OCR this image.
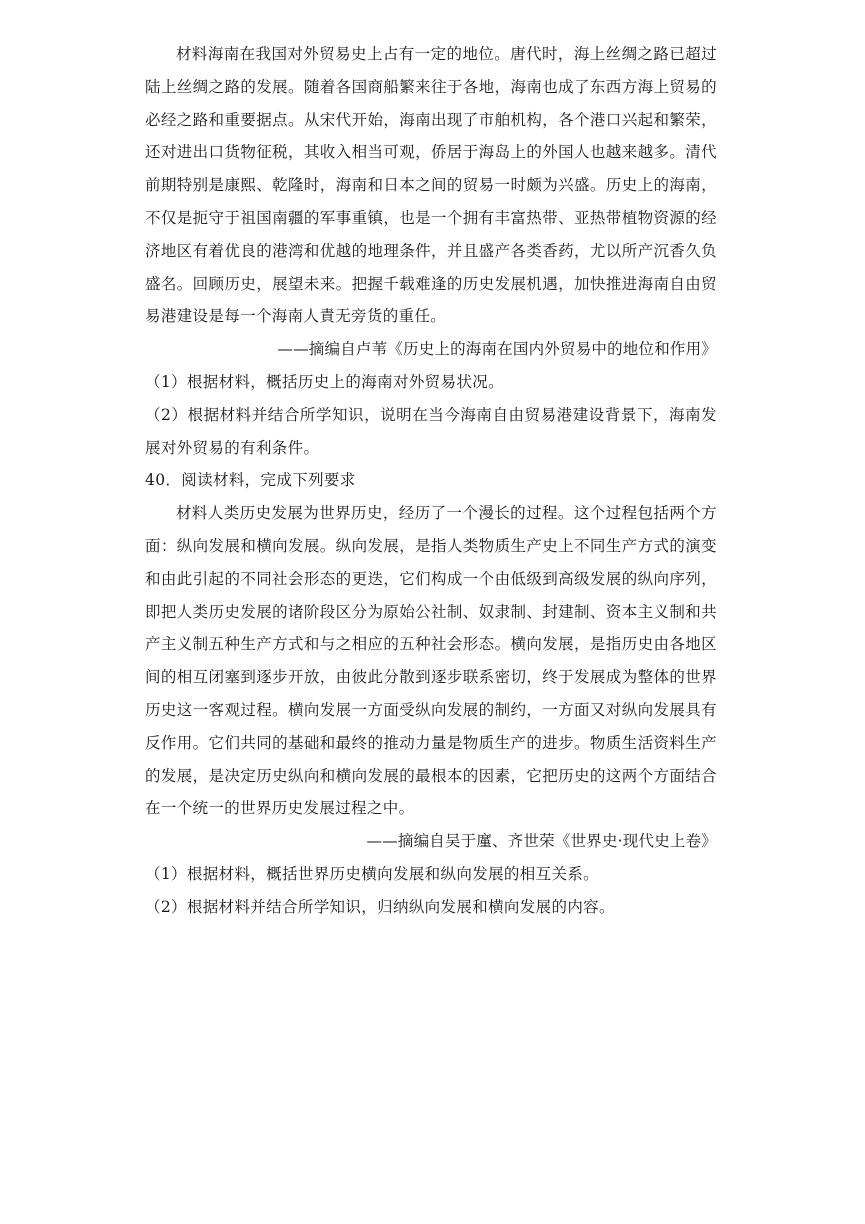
材料海南在我国对外贸易史上占有一定的地位。唐代时，海上丝绸之路已超过陆上丝绸之路的发展。随着各国商船繁来往于各地，海南也成了东西方海上贸易的必经之路和重要据点。从宋代开始，海南出现了市舶机构，各个港口兴起和繁荣，还对进出口货物征税，其收入相当可观，侨居于海岛上的外国人也越来越多。清代前期特别是康熙、乾隆时，海南和日本之间的贸易一时颇为兴盛。历史上的海南，不仅是扼守于祖国南疆的军事重镇，也是一个拥有丰富热带、亚热带植物资源的经济地区有着优良的港湾和优越的地理条件，并且盛产各类香药，尤以所产沉香久负盛名。回顾历史，展望未来。把握千载难逢的历史发展机遇，加快推进海南自由贸易港建设是每一个海南人責无旁货的重任。

——摘编自卢苇《历史上的海南在国内外贸易中的地位和作用》

（1）根据材料，概括历史上的海南对外贸易状况。

（2）根据材料并结合所学知识，说明在当今海南自由贸易港建设背景下，海南发展对外贸易的有利条件。

40．阅读材料，完成下列要求

材料人类历史发展为世界历史，经历了一个漫长的过程。这个过程包括两个方面：纵向发展和横向发展。纵向发展，是指人类物质生产史上不同生产方式的演变和由此引起的不同社会形态的更迭，它们构成一个由低级到高级发展的纵向序列，即把人类历史发展的诸阶段区分为原始公社制、奴隶制、封建制、资本主义制和共产主义制五种生产方式和与之相应的五种社会形态。横向发展，是指历史由各地区间的相互闭塞到逐步开放，由彼此分散到逐步联系密切，终于发展成为整体的世界历史这一客观过程。横向发展一方面受纵向发展的制约，一方面又对纵向发展具有反作用。它们共同的基础和最终的推动力量是物质生产的进步。物质生活资料生产的发展，是决定历史纵向和横向发展的最根本的因素，它把历史的这两个方面结合在一个统一的世界历史发展过程之中。

——摘编自吴于廑、齐世荣《世界史·现代史上卷》

（1）根据材料，概括世界历史横向发展和纵向发展的相互关系。

（2）根据材料并结合所学知识，归纳纵向发展和横向发展的内容。
